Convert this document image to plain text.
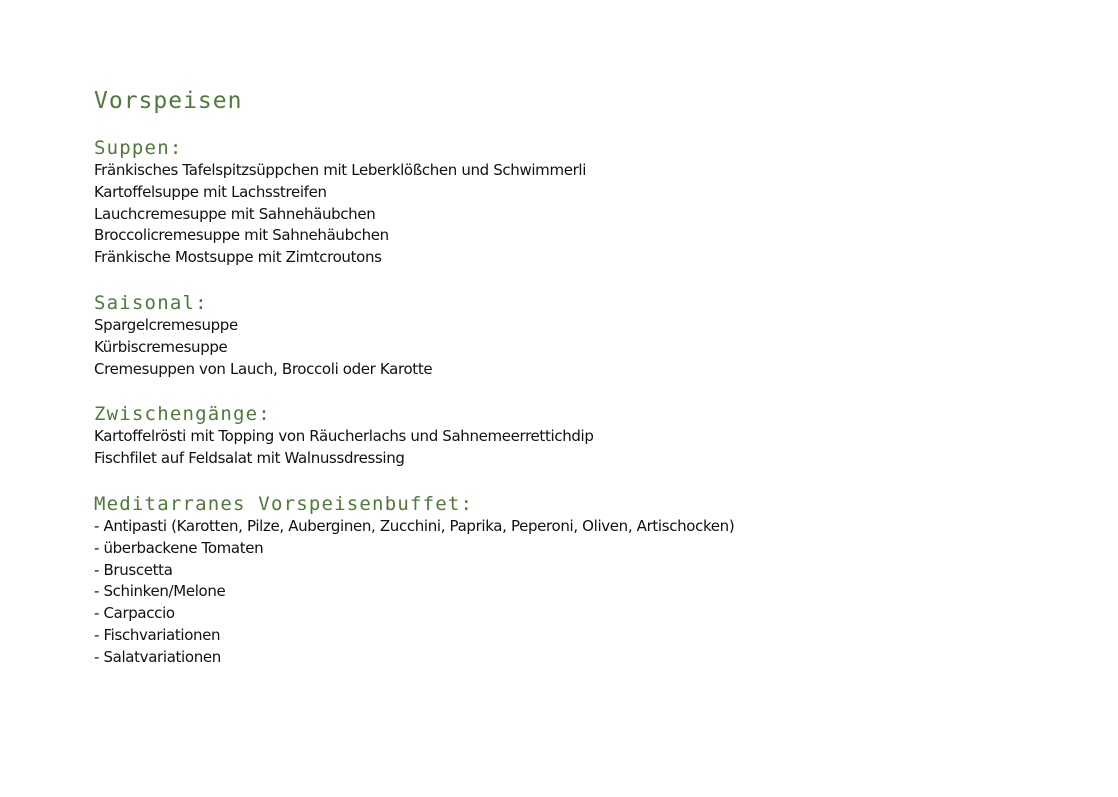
Vorspeisen
Suppen:
Fränkisches Tafelspitzsüppchen mit Leberklößchen und Schwimmerli
Kartoffelsuppe mit Lachsstreifen
Lauchcremesuppe mit Sahnehäubchen
Broccolicremesuppe mit Sahnehäubchen
Fränkische Mostsuppe mit Zimtcroutons
Saisonal:
Spargelcremesuppe
Kürbiscremesuppe
Cremesuppen von Lauch, Broccoli oder Karotte
Zwischengänge:
Kartoffelrösti mit Topping von Räucherlachs und Sahnemeerrettichdip
Fischfilet auf Feldsalat mit Walnussdressing
Meditarranes Vorspeisenbuffet:
- Antipasti (Karotten, Pilze, Auberginen, Zucchini, Paprika, Peperoni, Oliven, Artischocken)
- überbackene Tomaten
- Bruscetta
- Schinken/Melone
- Carpaccio
- Fischvariationen
- Salatvariationen
